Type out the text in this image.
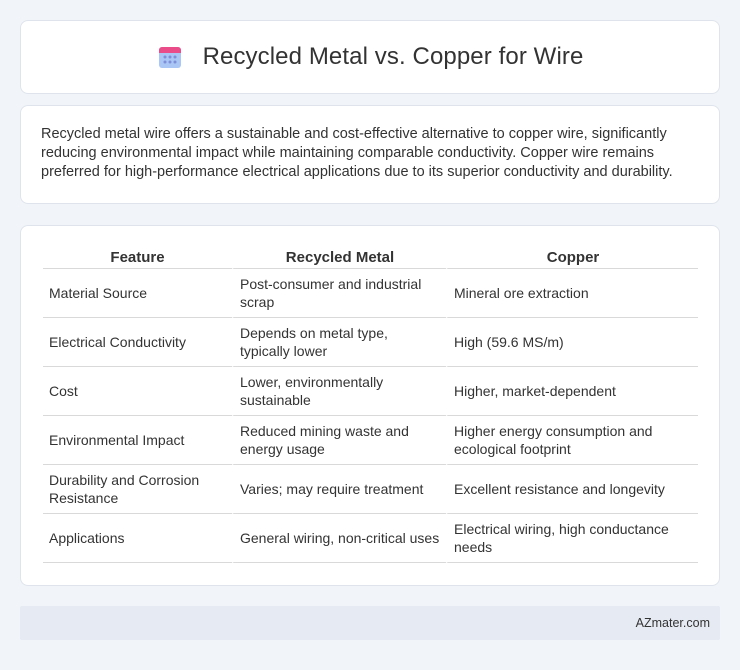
Recycled Metal vs. Copper for Wire

Recycled metal wire offers a sustainable and cost-effective alternative to copper wire, significantly reducing environmental impact while maintaining comparable conductivity. Copper wire remains preferred for high-performance electrical applications due to its superior conductivity and durability.

Feature	Recycled Metal	Copper
Material Source	Post-consumer and industrial scrap	Mineral ore extraction
Electrical Conductivity	Depends on metal type, typically lower	High (59.6 MS/m)
Cost	Lower, environmentally sustainable	Higher, market-dependent
Environmental Impact	Reduced mining waste and energy usage	Higher energy consumption and ecological footprint
Durability and Corrosion Resistance	Varies; may require treatment	Excellent resistance and longevity
Applications	General wiring, non-critical uses	Electrical wiring, high conductance needs
AZmater.com
